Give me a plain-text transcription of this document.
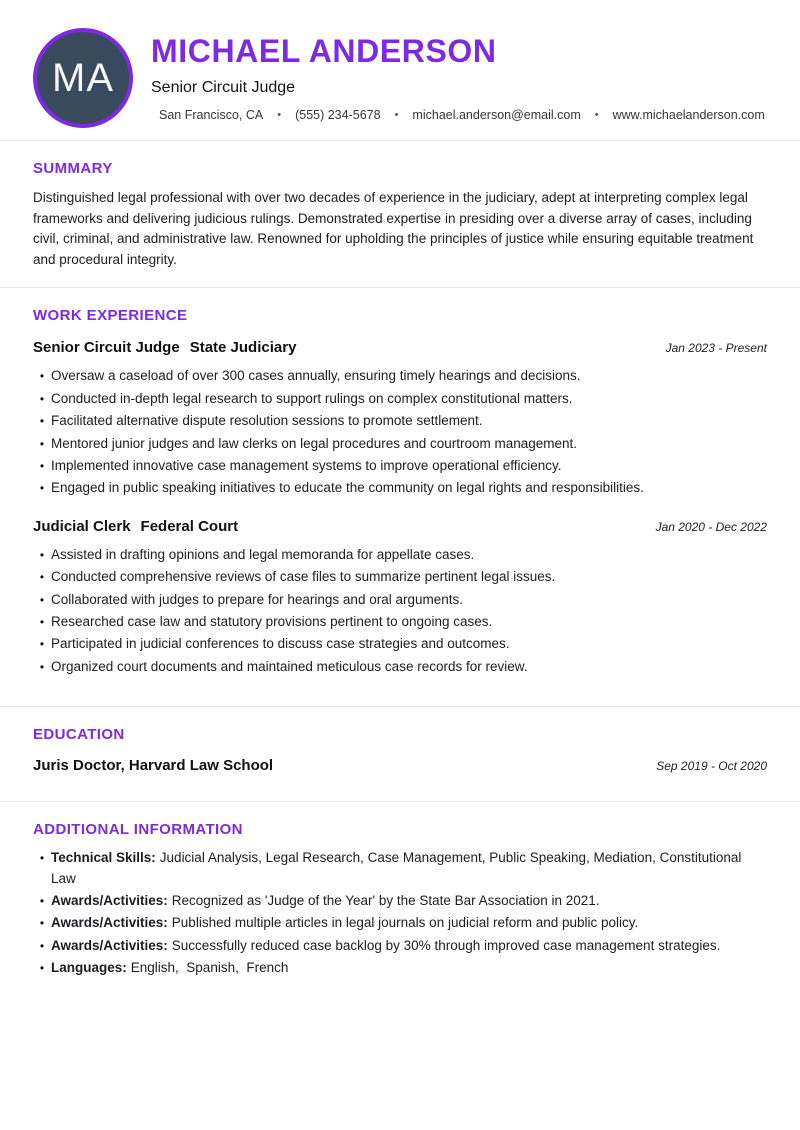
MA
MICHAEL ANDERSON
Senior Circuit Judge
San Francisco, CA	•	(555) 234-5678	•	michael.anderson@email.com	•	www.michaelanderson.com
SUMMARY

Distinguished legal professional with over two decades of experience in the judiciary, adept at interpreting complex legal frameworks and delivering judicious rulings. Demonstrated expertise in presiding over a diverse array of cases, including civil, criminal, and administrative law. Renowned for upholding the principles of justice while ensuring equitable treatment and procedural integrity.

WORK EXPERIENCE
Senior Circuit Judge State Judiciary	Jan 2023 - Present
• Oversaw a caseload of over 300 cases annually, ensuring timely hearings and decisions.
• Conducted in-depth legal research to support rulings on complex constitutional matters.
• Facilitated alternative dispute resolution sessions to promote settlement.
• Mentored junior judges and law clerks on legal procedures and courtroom management.
• Implemented innovative case management systems to improve operational efficiency.
• Engaged in public speaking initiatives to educate the community on legal rights and responsibilities.
Judicial Clerk Federal Court	Jan 2020 - Dec 2022
• Assisted in drafting opinions and legal memoranda for appellate cases.
• Conducted comprehensive reviews of case files to summarize pertinent legal issues.
• Collaborated with judges to prepare for hearings and oral arguments.
• Researched case law and statutory provisions pertinent to ongoing cases.
• Participated in judicial conferences to discuss case strategies and outcomes.
• Organized court documents and maintained meticulous case records for review.
EDUCATION
Juris Doctor, Harvard Law School	Sep 2019 - Oct 2020
ADDITIONAL INFORMATION
• Technical Skills: Judicial Analysis, Legal Research, Case Management, Public Speaking, Mediation, Constitutional Law
• Awards/Activities: Recognized as 'Judge of the Year' by the State Bar Association in 2021.
• Awards/Activities: Published multiple articles in legal journals on judicial reform and public policy.
• Awards/Activities: Successfully reduced case backlog by 30% through improved case management strategies.
• Languages: English,  Spanish,  French
